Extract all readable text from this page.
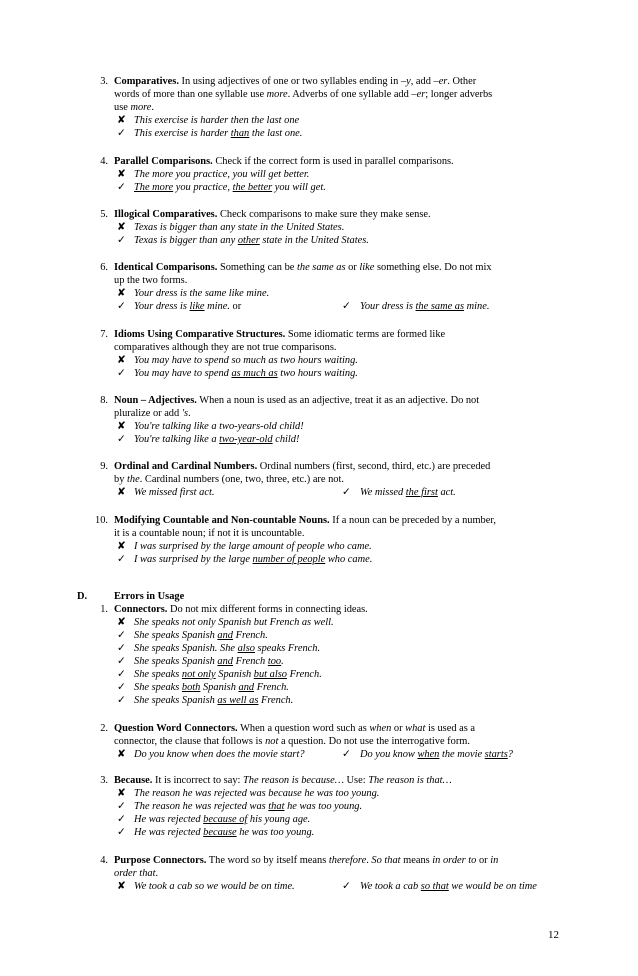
3. Comparatives. In using adjectives of one or two syllables ending in –y, add –er. Other
words of more than one syllable use more. Adverbs of one syllable add –er; longer adverbs
use more.
✘ This exercise is harder then the last one
✓ This exercise is harder than the last one.
4. Parallel Comparisons. Check if the correct form is used in parallel comparisons.
✘ The more you practice, you will get better.
✓ The more you practice, the better you will get.
5. Illogical Comparatives. Check comparisons to make sure they make sense.
✘ Texas is bigger than any state in the United States.
✓ Texas is bigger than any other state in the United States.
6. Identical Comparisons. Something can be the same as or like something else. Do not mix
up the two forms.
✘ Your dress is the same like mine.
✓ Your dress is like mine. or	✓ Your dress is the same as mine.
7. Idioms Using Comparative Structures. Some idiomatic terms are formed like
comparatives although they are not true comparisons.
✘ You may have to spend so much as two hours waiting.
✓ You may have to spend as much as two hours waiting.
8. Noun – Adjectives. When a noun is used as an adjective, treat it as an adjective. Do not
pluralize or add 's.
✘ You're talking like a two-years-old child!
✓ You're talking like a two-year-old child!
9. Ordinal and Cardinal Numbers. Ordinal numbers (first, second, third, etc.) are preceded
by the. Cardinal numbers (one, two, three, etc.) are not.
✘ We missed first act.	✓ We missed the first act.
10. Modifying Countable and Non-countable Nouns. If a noun can be preceded by a number,
it is a countable noun; if not it is uncountable.
✘ I was surprised by the large amount of people who came.
✓ I was surprised by the large number of people who came.
D.	Errors in Usage
1. Connectors. Do not mix different forms in connecting ideas.
✘ She speaks not only Spanish but French as well.
✓ She speaks Spanish and French.
✓ She speaks Spanish. She also speaks French.
✓ She speaks Spanish and French too.
✓ She speaks not only Spanish but also French.
✓ She speaks both Spanish and French.
✓ She speaks Spanish as well as French.
2. Question Word Connectors. When a question word such as when or what is used as a
connector, the clause that follows is not a question. Do not use the interrogative form.
✘ Do you know when does the movie start?	✓ Do you know when the movie starts?
3. Because. It is incorrect to say: The reason is because… Use: The reason is that…
✘ The reason he was rejected was because he was too young.
✓ The reason he was rejected was that he was too young.
✓ He was rejected because of his young age.
✓ He was rejected because he was too young.
4. Purpose Connectors. The word so by itself means therefore. So that means in order to or in
order that.
✘ We took a cab so we would be on time.	✓ We took a cab so that we would be on time
12
